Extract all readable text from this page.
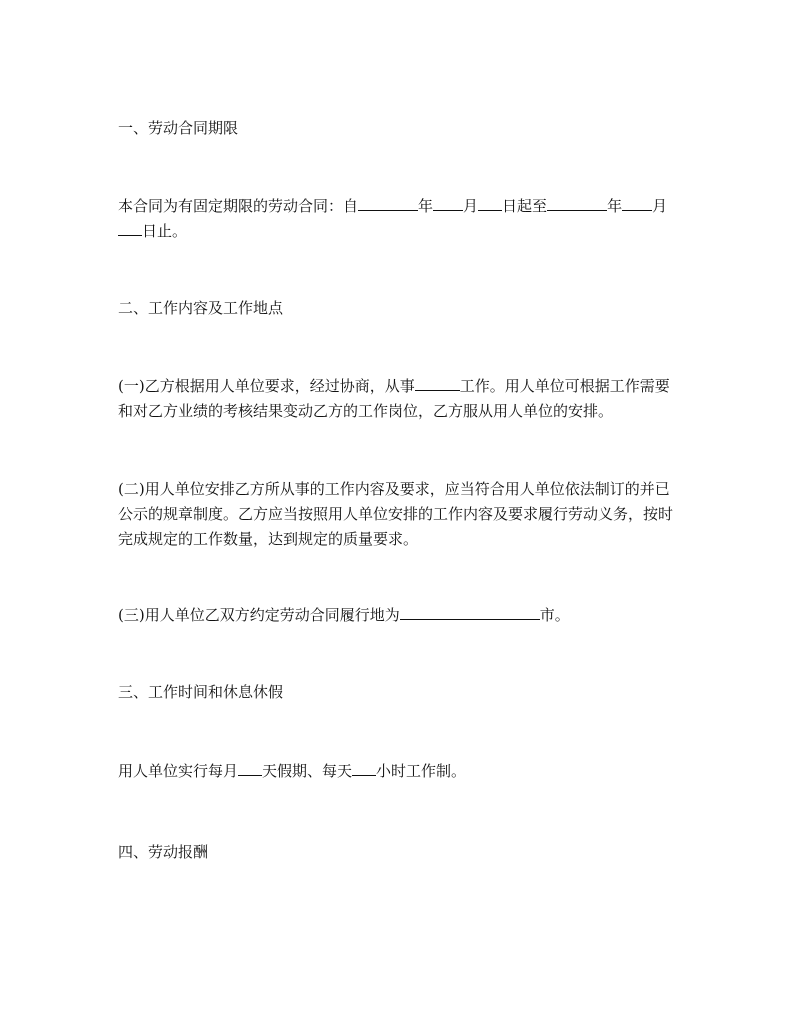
一、劳动合同期限
本合同为有固定期限的劳动合同：自	年 月 日起至	年 月日止。
二、工作内容及工作地点
(一)乙方根据用人单位要求，经过协商，从事	工作。用人单位可根据工作需要和对乙方业绩的考核结果变动乙方的工作岗位，乙方服从用人单位的安排。
(二)用人单位安排乙方所从事的工作内容及要求，应当符合用人单位依法制订的并已公示的规章制度。乙方应当按照用人单位安排的工作内容及要求履行劳动义务，按时完成规定的工作数量，达到规定的质量要求。
(三)用人单位乙双方约定劳动合同履行地为	市。
三、工作时间和休息休假
用人单位实行每月 天假期、每天 小时工作制。
四、劳动报酬
